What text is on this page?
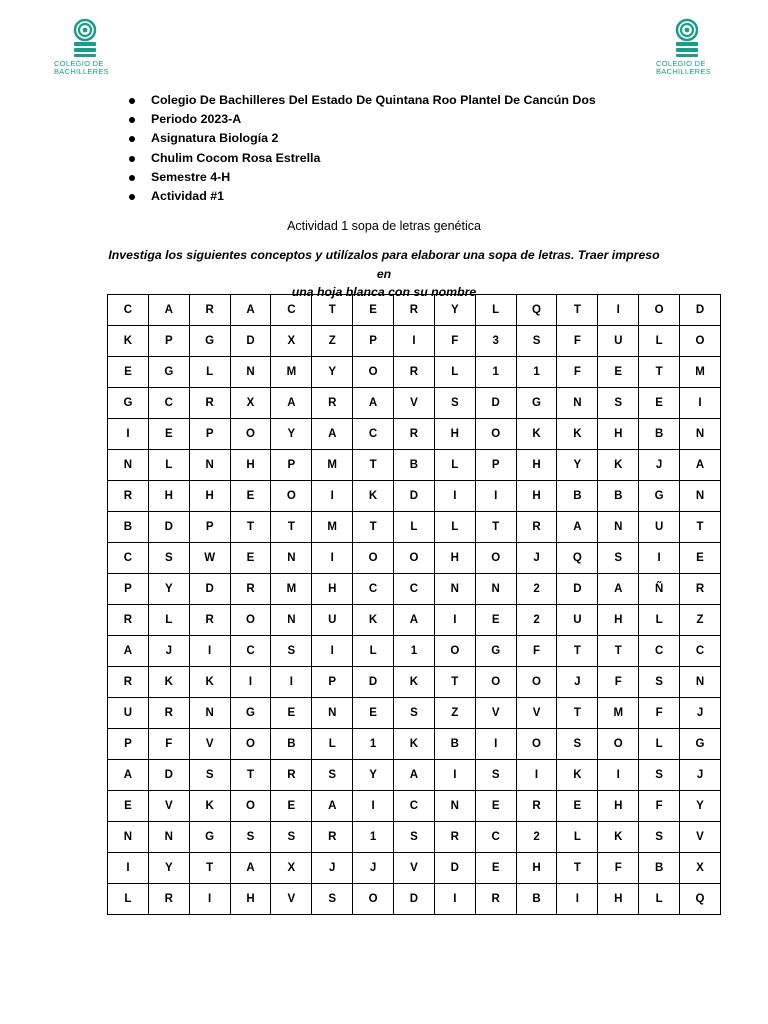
COLEGIO DE
BACHILLERES
COLEGIO DE
BACHILLERES
Colegio De Bachilleres Del Estado De Quintana Roo Plantel De Cancún Dos
Periodo 2023-A
Asignatura Biología 2
Chulim Cocom Rosa Estrella
Semestre 4-H
Actividad #1
Actividad 1 sopa de letras genética
Investiga los siguientes conceptos y utilízalos para elaborar una sopa de letras. Traer impreso en
una hoja blanca con su nombre
C	A	R	A	C	T	E	R	Y	L	Q	T	I	O	D
K	P	G	D	X	Z	P	I	F	3	S	F	U	L	O
E	G	L	N	M	Y	O	R	L	1	1	F	E	T	M
G	C	R	X	A	R	A	V	S	D	G	N	S	E	I
I	E	P	O	Y	A	C	R	H	O	K	K	H	B	N
N	L	N	H	P	M	T	B	L	P	H	Y	K	J	A
R	H	H	E	O	I	K	D	I	I	H	B	B	G	N
B	D	P	T	T	M	T	L	L	T	R	A	N	U	T
C	S	W	E	N	I	O	O	H	O	J	Q	S	I	E
P	Y	D	R	M	H	C	C	N	N	2	D	A	Ñ	R
R	L	R	O	N	U	K	A	I	E	2	U	H	L	Z
A	J	I	C	S	I	L	1	O	G	F	T	T	C	C
R	K	K	I	I	P	D	K	T	O	O	J	F	S	N
U	R	N	G	E	N	E	S	Z	V	V	T	M	F	J
P	F	V	O	B	L	1	K	B	I	O	S	O	L	G
A	D	S	T	R	S	Y	A	I	S	I	K	I	S	J
E	V	K	O	E	A	I	C	N	E	R	E	H	F	Y
N	N	G	S	S	R	1	S	R	C	2	L	K	S	V
I	Y	T	A	X	J	J	V	D	E	H	T	F	B	X
L	R	I	H	V	S	O	D	I	R	B	I	H	L	Q
